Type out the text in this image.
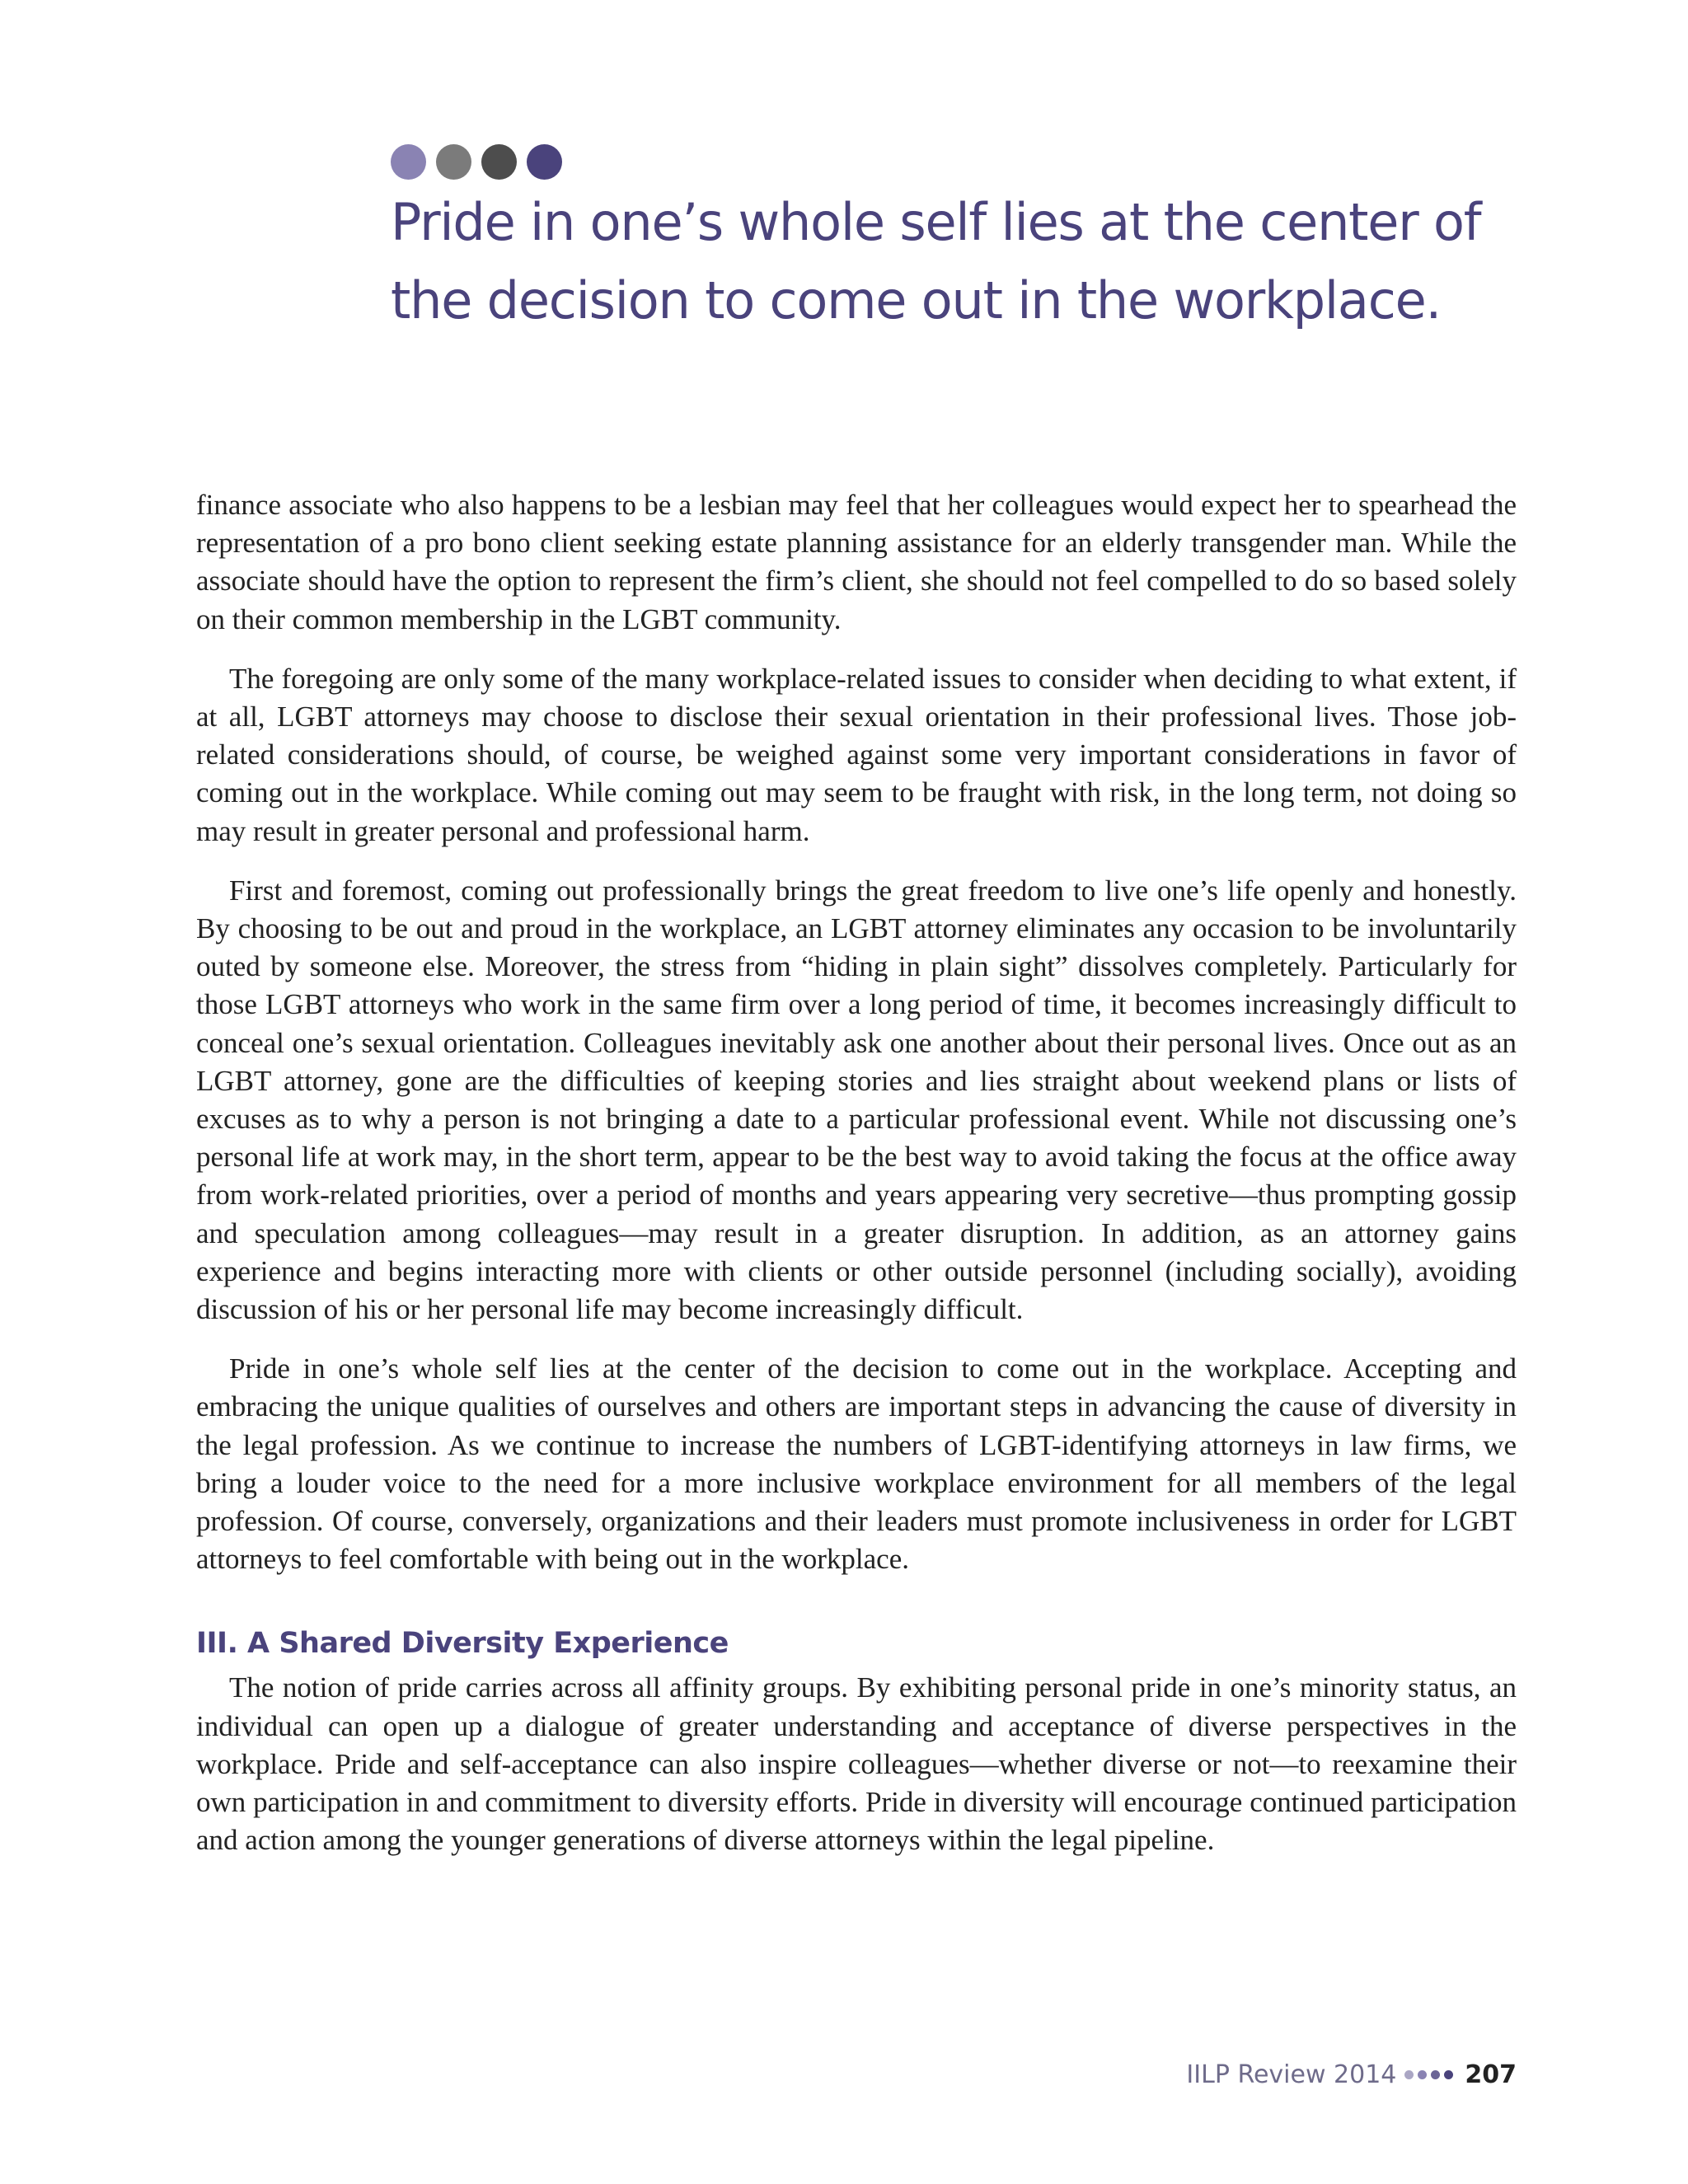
Pride in one’s whole self lies at the center of the decision to come out in the workplace.

finance associate who also happens to be a lesbian may feel that her colleagues would expect her to spearhead the representation of a pro bono client seeking estate planning assistance for an elderly transgender man. While the associate should have the option to represent the firm’s client, she should not feel compelled to do so based solely on their common membership in the LGBT community.

The foregoing are only some of the many workplace-related issues to consider when deciding to what extent, if at all, LGBT attorneys may choose to disclose their sexual orientation in their professional lives. Those job-related considerations should, of course, be weighed against some very important considerations in favor of coming out in the workplace. While coming out may seem to be fraught with risk, in the long term, not doing so may result in greater personal and professional harm.

First and foremost, coming out professionally brings the great freedom to live one’s life openly and honestly. By choosing to be out and proud in the workplace, an LGBT attorney eliminates any occasion to be involuntarily outed by someone else. Moreover, the stress from “hiding in plain sight” dissolves completely. Particularly for those LGBT attorneys who work in the same firm over a long period of time, it becomes increasingly difficult to conceal one’s sexual orientation. Colleagues inevitably ask one another about their personal lives. Once out as an LGBT attorney, gone are the difficulties of keeping stories and lies straight about weekend plans or lists of excuses as to why a person is not bringing a date to a particular professional event. While not discussing one’s personal life at work may, in the short term, appear to be the best way to avoid taking the focus at the office away from work-related priorities, over a period of months and years appearing very secretive—thus prompting gossip and speculation among colleagues—may result in a greater disruption. In addition, as an attorney gains experience and begins interacting more with clients or other outside personnel (including socially), avoiding discussion of his or her personal life may become increasingly difficult.

Pride in one’s whole self lies at the center of the decision to come out in the workplace. Accepting and embracing the unique qualities of ourselves and others are important steps in advancing the cause of diversity in the legal profession. As we continue to increase the numbers of LGBT-identifying attorneys in law firms, we bring a louder voice to the need for a more inclusive workplace environment for all members of the legal profession. Of course, conversely, organizations and their leaders must promote inclusiveness in order for LGBT attorneys to feel comfortable with being out in the workplace.

III. A Shared Diversity Experience

The notion of pride carries across all affinity groups. By exhibiting personal pride in one’s minority status, an individual can open up a dialogue of greater understanding and acceptance of diverse perspectives in the workplace. Pride and self-acceptance can also inspire colleagues—whether diverse or not—to reexamine their own participation in and commitment to diversity efforts. Pride in diversity will encourage continued participation and action among the younger generations of diverse attorneys within the legal pipeline.

IILP Review 2014	207
